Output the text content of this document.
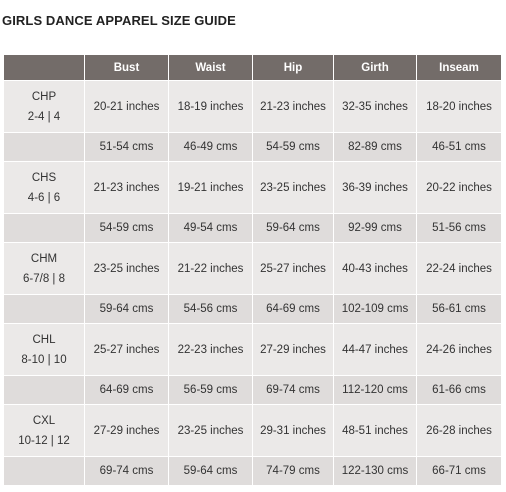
GIRLS DANCE APPAREL SIZE GUIDE
	Bust	Waist	Hip	Girth	Inseam

CHP
2-4 | 4	20-21 inches	18-19 inches	21-23 inches	32-35 inches	18-20 inches
	51-54 cms	46-49 cms	54-59 cms	82-89 cms	46-51 cms

CHS
4-6 | 6	21-23 inches	19-21 inches	23-25 inches	36-39 inches	20-22 inches
	54-59 cms	49-54 cms	59-64 cms	92-99 cms	51-56 cms

CHM
6-7/8 | 8	23-25 inches	21-22 inches	25-27 inches	40-43 inches	22-24 inches
	59-64 cms	54-56 cms	64-69 cms	102-109 cms	56-61 cms

CHL
8-10 | 10	25-27 inches	22-23 inches	27-29 inches	44-47 inches	24-26 inches
	64-69 cms	56-59 cms	69-74 cms	112-120 cms	61-66 cms

CXL
10-12 | 12	27-29 inches	23-25 inches	29-31 inches	48-51 inches	26-28 inches
	69-74 cms	59-64 cms	74-79 cms	122-130 cms	66-71 cms
